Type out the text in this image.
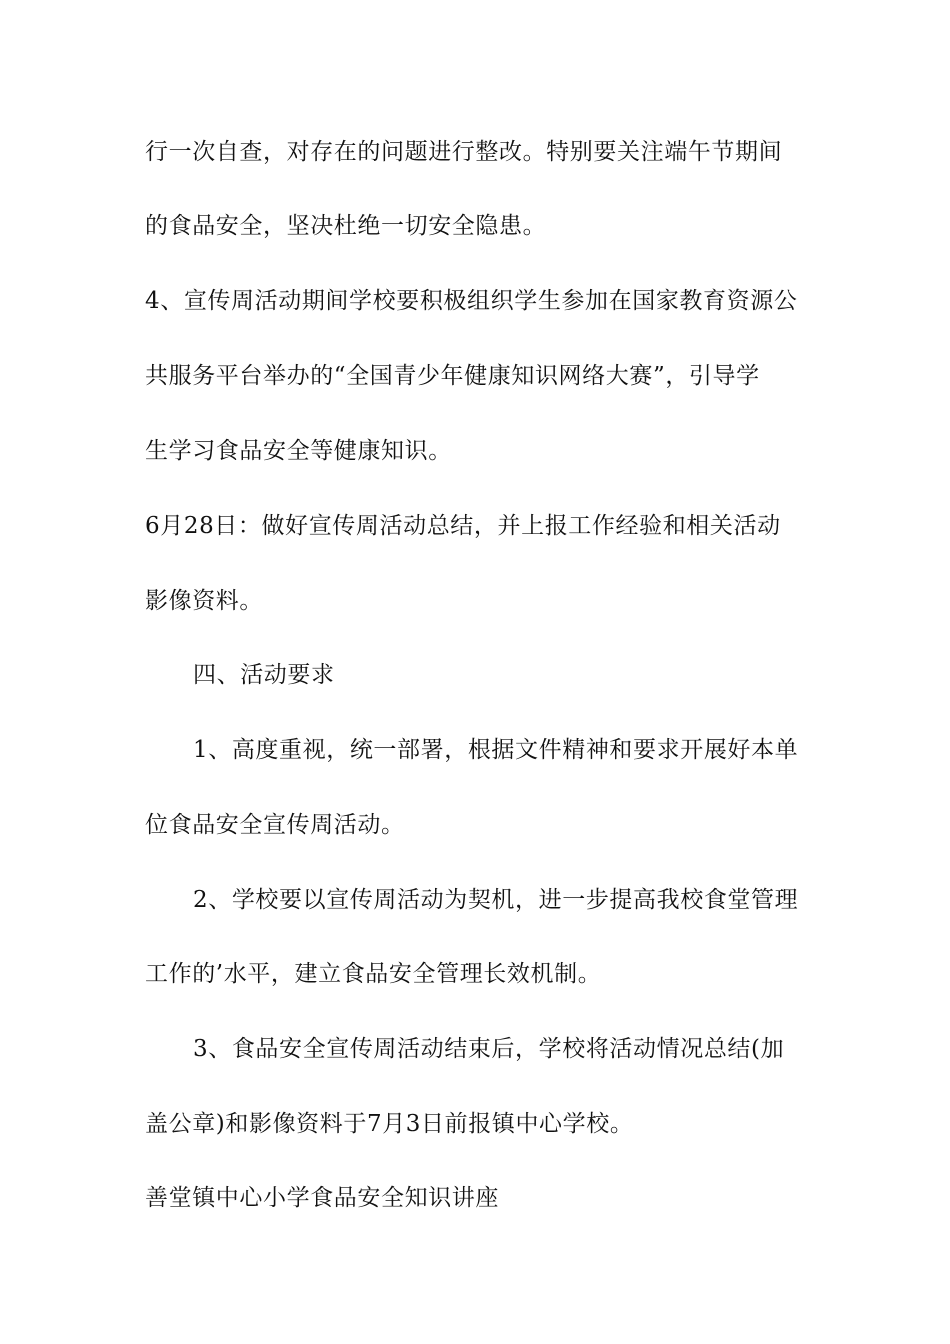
行一次自查，对存在的问题进行整改。特别要关注端午节期间
的食品安全，坚决杜绝一切安全隐患。
4、宣传周活动期间学校要积极组织学生参加在国家教育资源公
共服务平台举办的“全国青少年健康知识网络大赛”，引导学
生学习食品安全等健康知识。
6月28日：做好宣传周活动总结，并上报工作经验和相关活动
影像资料。
四、活动要求
1、高度重视，统一部署，根据文件精神和要求开展好本单
位食品安全宣传周活动。
2、学校要以宣传周活动为契机，进一步提高我校食堂管理
工作的’水平，建立食品安全管理长效机制。
3、食品安全宣传周活动结束后，学校将活动情况总结(加
盖公章)和影像资料于7月3日前报镇中心学校。
善堂镇中心小学食品安全知识讲座
